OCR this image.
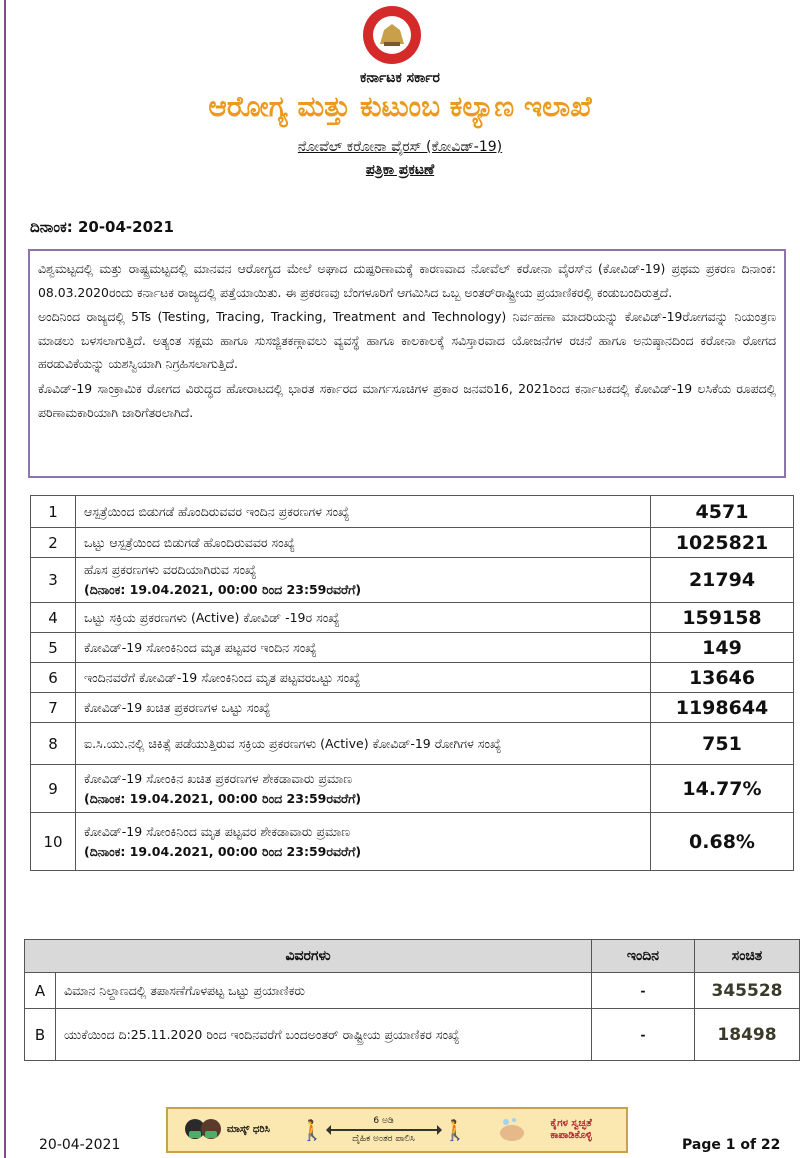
ಕರ್ನಾಟಕ ಸರ್ಕಾರ
ಆರೋಗ್ಯ ಮತ್ತು ಕುಟುಂಬ ಕಲ್ಯಾಣ ಇಲಾಖೆ
ನೋವೆಲ್ ಕರೋನಾ ವೈರಸ್ (ಕೋವಿಡ್-19)
ಪತ್ರಿಕಾ ಪ್ರಕಟಣೆ
ದಿನಾಂಕ: 20-04-2021

ವಿಶ್ವಮಟ್ಟದಲ್ಲಿ ಮತ್ತು ರಾಷ್ಟ್ರಮಟ್ಟದಲ್ಲಿ ಮಾನವನ ಆರೋಗ್ಯದ ಮೇಲೆ ಅಘಾದ ದುಷ್ಪರಿಣಾಮಕ್ಕೆ ಕಾರಣವಾದ ನೋವೆಲ್ ಕರೋನಾ ವೈರಸ್‌ನ (ಕೋವಿಡ್-19) ಪ್ರಥಮ ಪ್ರಕರಣ ದಿನಾಂಕ: 08.03.2020ರಂದು ಕರ್ನಾಟಕ ರಾಜ್ಯದಲ್ಲಿ ಪತ್ತೆಯಾಯಿತು. ಈ ಪ್ರಕರಣವು ಬೆಂಗಳೂರಿಗೆ ಆಗಮಿಸಿದ ಒಬ್ಬ ಅಂತರ್‌ರಾಷ್ಟ್ರೀಯ ಪ್ರಯಾಣಿಕರಲ್ಲಿ ಕಂಡುಬಂದಿರುತ್ತದೆ.

ಅಂದಿನಿಂದ ರಾಜ್ಯದಲ್ಲಿ 5Ts (Testing, Tracing, Tracking, Treatment and Technology) ನಿರ್ವಹಣಾ ಮಾದರಿಯನ್ನು ಕೋವಿಡ್-19ರೋಗವನ್ನು ನಿಯಂತ್ರಣ ಮಾಡಲು ಬಳಸಲಾಗುತ್ತಿದೆ. ಅತ್ಯಂತ ಸಕ್ಷಮ ಹಾಗೂ ಸುಸಜ್ಜಿತಕಣ್ಗಾವಲು ವ್ಯವಸ್ಥೆ ಹಾಗೂ ಕಾಲಕಾಲಕ್ಕೆ ಸವಿಸ್ತಾರವಾದ ಯೋಜನೆಗಳ ರಚನೆ ಹಾಗೂ ಅನುಷ್ಠಾನದಿಂದ ಕರೋನಾ ರೋಗದ ಹರಡುವಿಕೆಯನ್ನು ಯಶಸ್ವಿಯಾಗಿ ನಿಗ್ರಹಿಸಲಾಗುತ್ತಿದೆ.

ಕೊವಿಡ್-19 ಸಾಂಕ್ರಾಮಿಕ ರೋಗದ ವಿರುದ್ಧದ ಹೋರಾಟದಲ್ಲಿ ಭಾರತ ಸರ್ಕಾರದ ಮಾರ್ಗಸೂಚಿಗಳ ಪ್ರಕಾರ ಜನವರಿ16, 2021ರಿಂದ ಕರ್ನಾಟಕದಲ್ಲಿ ಕೋವಿಡ್-19 ಲಸಿಕೆಯ ರೂಪದಲ್ಲಿ ಪರಿಣಾಮಕಾರಿಯಾಗಿ ಜಾರಿಗೆತರಲಾಗಿದೆ.

1	ಆಸ್ಪತ್ರೆಯಿಂದ ಬಿಡುಗಡೆ ಹೊಂದಿರುವವರ ಇಂದಿನ ಪ್ರಕರಣಗಳ ಸಂಖ್ಯೆ	4571
2	ಒಟ್ಟು ಆಸ್ಪತ್ರೆಯಿಂದ ಬಿಡುಗಡೆ ಹೊಂದಿರುವವರ ಸಂಖ್ಯೆ	1025821
3	ಹೊಸ ಪ್ರಕರಣಗಳು ವರದಿಯಾಗಿರುವ ಸಂಖ್ಯೆ
(ದಿನಾಂಕ: 19.04.2021, 00:00 ರಿಂದ 23:59ರವರೆಗೆ)	21794
4	ಒಟ್ಟು ಸಕ್ರಿಯ ಪ್ರಕರಣಗಳು (Active) ಕೋವಿಡ್ -19ರ ಸಂಖ್ಯೆ	159158
5	ಕೋವಿಡ್-19 ಸೋಂಕಿನಿಂದ ಮೃತ ಪಟ್ಟವರ ಇಂದಿನ ಸಂಖ್ಯೆ	149
6	ಇಂದಿನವರೆಗೆ ಕೋವಿಡ್-19 ಸೋಂಕಿನಿಂದ ಮೃತ ಪಟ್ಟವರಒಟ್ಟು ಸಂಖ್ಯೆ	13646
7	ಕೋವಿಡ್-19 ಖಚಿತ ಪ್ರಕರಣಗಳ ಒಟ್ಟು ಸಂಖ್ಯೆ	1198644
8	ಐ.ಸಿ.ಯು.ನಲ್ಲಿ ಚಿಕಿತ್ಸೆ ಪಡೆಯುತ್ತಿರುವ ಸಕ್ರಿಯ ಪ್ರಕರಣಗಳು (Active) ಕೋವಿಡ್-19 ರೋಗಿಗಳ ಸಂಖ್ಯೆ	751
9	ಕೋವಿಡ್-19 ಸೋಂಕಿನ ಖಚಿತ ಪ್ರಕರಣಗಳ ಶೇಕಡಾವಾರು ಪ್ರಮಾಣ
(ದಿನಾಂಕ: 19.04.2021, 00:00 ರಿಂದ 23:59ರವರೆಗೆ)	14.77%
10	ಕೋವಿಡ್-19 ಸೋಂಕಿನಿಂದ ಮೃತ ಪಟ್ಟವರ ಶೇಕಡಾವಾರು ಪ್ರಮಾಣ
(ದಿನಾಂಕ: 19.04.2021, 00:00 ರಿಂದ 23:59ರವರೆಗೆ)	0.68%
ವಿವರಗಳು		ಇಂದಿನ	ಸಂಚಿತ
A	ವಿಮಾನ ನಿಲ್ದಾಣದಲ್ಲಿ ತಪಾಸಣೆಗೊಳಪಟ್ಟ ಒಟ್ಟು ಪ್ರಯಾಣಿಕರು	-	345528
B	ಯುಕೆಯಿಂದ ದಿ:25.11.2020 ರಿಂದ ಇಂದಿನವರೆಗೆ ಬಂದಅಂತರ್ ರಾಷ್ಟ್ರೀಯ ಪ್ರಯಾಣಿಕರ ಸಂಖ್ಯೆ	-	18498
ಮಾಸ್ಕ್ ಧರಿಸಿ 🚶	6 ಅಡಿ
ದೈಹಿಕ ಅಂತರ ಪಾಲಿಸಿ 🚶	ಕೈಗಳ ಸ್ವಚ್ಛತೆ ಕಾಪಾಡಿಕೊಳ್ಳಿ
20-04-2021	Page 1 of 22
